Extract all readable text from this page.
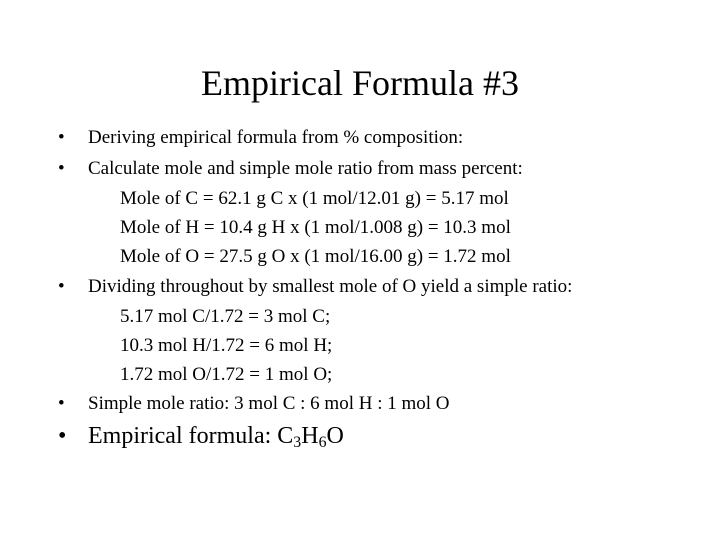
Empirical Formula #3
• Deriving empirical formula from % composition:
• Calculate mole and simple mole ratio from mass percent:
Mole of C = 62.1 g C x (1 mol/12.01 g) = 5.17 mol
Mole of H = 10.4 g H x (1 mol/1.008 g) = 10.3 mol
Mole of O = 27.5 g O x (1 mol/16.00 g) = 1.72 mol
• Dividing throughout by smallest mole of O yield a simple ratio:
5.17 mol C/1.72 = 3 mol C;
10.3 mol H/1.72 = 6 mol H;
1.72 mol O/1.72 = 1 mol O;
• Simple mole ratio: 3 mol C : 6 mol H : 1 mol O
• Empirical formula: $C_3H_6O$
